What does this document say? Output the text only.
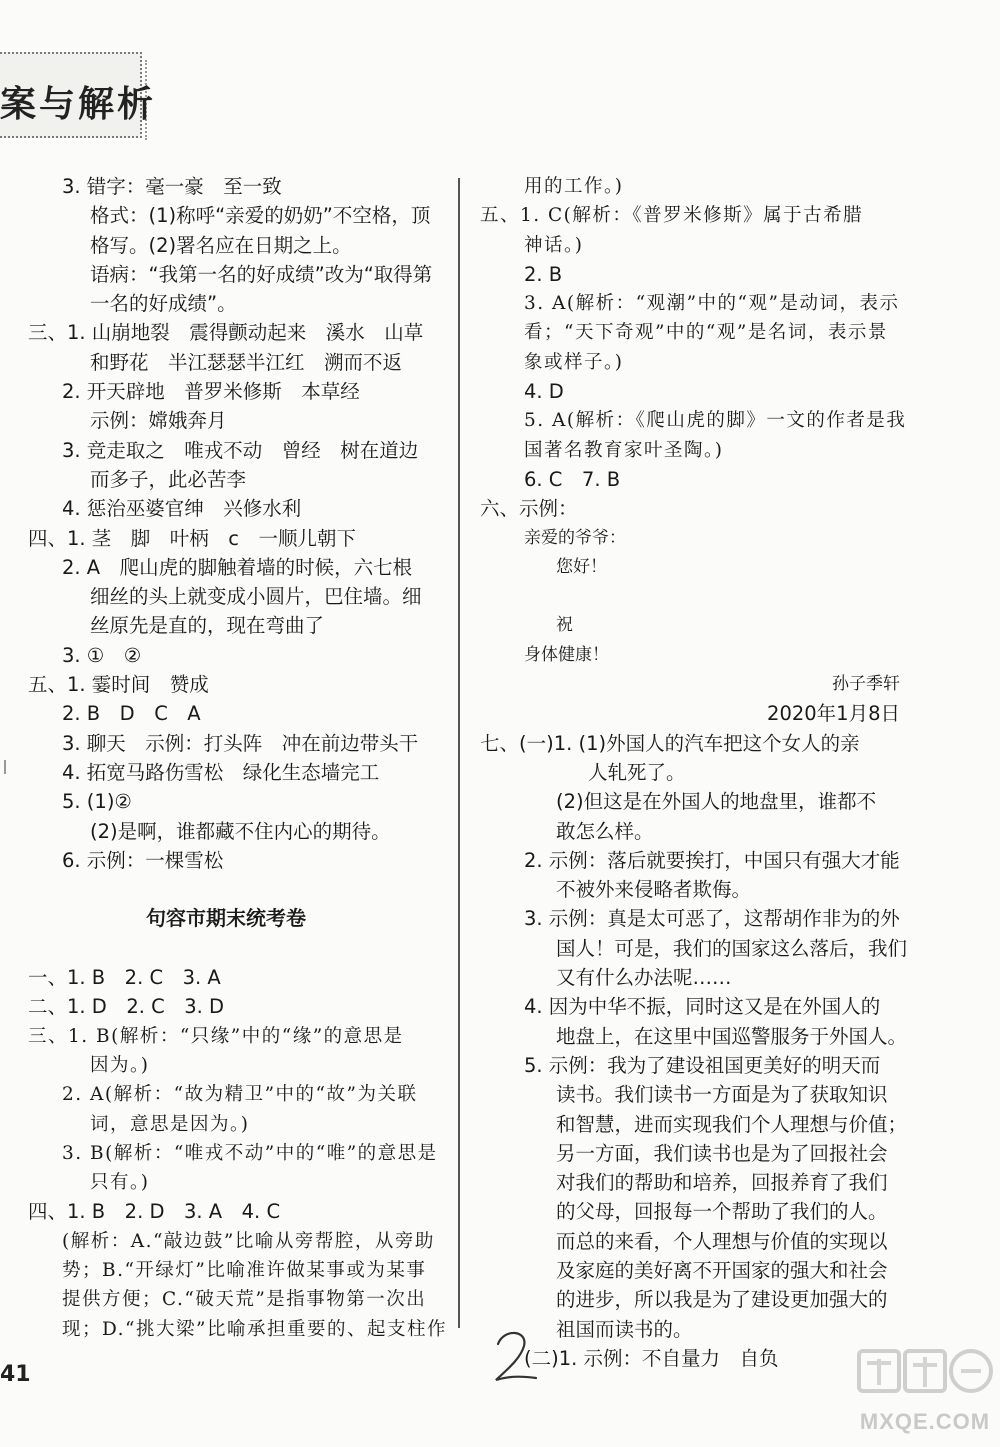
案与解析
3. 错字：毫一豪　至一致
格式：(1)称呼“亲爱的奶奶”不空格，顶
格写。(2)署名应在日期之上。
语病：“我第一名的好成绩”改为“取得第
一名的好成绩”。
三、1. 山崩地裂　震得颤动起来　溪水　山草
和野花　半江瑟瑟半江红　溯而不返
2. 开天辟地　普罗米修斯　本草经
示例：嫦娥奔月
3. 竞走取之　唯戎不动　曾经　树在道边
而多子，此必苦李
4. 惩治巫婆官绅　兴修水利
四、1. 茎　脚　叶柄　c　一顺儿朝下
2. A　爬山虎的脚触着墙的时候，六七根
细丝的头上就变成小圆片，巴住墙。细
丝原先是直的，现在弯曲了
3. ①　②
五、1. 霎时间　赞成
2. B　D　C　A
3. 聊天　示例：打头阵　冲在前边带头干
4. 拓宽马路伤雪松　绿化生态墙完工
5. (1)②
(2)是啊，谁都藏不住内心的期待。
6. 示例：一棵雪松
句容市期末统考卷
一、1. B　2. C　3. A
二、1. D　2. C　3. D
三、1. B(解析：“只缘”中的“缘”的意思是
因为。)
2. A(解析：“故为精卫”中的“故”为关联
词，意思是因为。)
3. B(解析：“唯戎不动”中的“唯”的意思是
只有。)
四、1. B　2. D　3. A　4. C
(解析：A.“敲边鼓”比喻从旁帮腔，从旁助
势；B.“开绿灯”比喻准许做某事或为某事
提供方便；C.“破天荒”是指事物第一次出
现；D.“挑大梁”比喻承担重要的、起支柱作
用的工作。)
五、1. C(解析：《普罗米修斯》属于古希腊
神话。)
2. B
3. A(解析：“观潮”中的“观”是动词，表示
看；“天下奇观”中的“观”是名词，表示景
象或样子。)
4. D
5. A(解析：《爬山虎的脚》一文的作者是我
国著名教育家叶圣陶。)
6. C　7. B
六、示例：
亲爱的爷爷：
您好！
祝
身体健康！
孙子季轩
2020年1月8日
七、(一)1. (1)外国人的汽车把这个女人的亲
人轧死了。
(2)但这是在外国人的地盘里，谁都不
敢怎么样。
2. 示例：落后就要挨打，中国只有强大才能
不被外来侵略者欺侮。
3. 示例：真是太可恶了，这帮胡作非为的外
国人！可是，我们的国家这么落后，我们
又有什么办法呢……
4. 因为中华不振，同时这又是在外国人的
地盘上，在这里中国巡警服务于外国人。
5. 示例：我为了建设祖国更美好的明天而
读书。我们读书一方面是为了获取知识
和智慧，进而实现我们个人理想与价值；
另一方面，我们读书也是为了回报社会
对我们的帮助和培养，回报养育了我们
的父母，回报每一个帮助了我们的人。
而总的来看，个人理想与价值的实现以
及家庭的美好离不开国家的强大和社会
的进步，所以我是为了建设更加强大的
祖国而读书的。
(二)1. 示例：不自量力　自负
41
MXQE.COM
